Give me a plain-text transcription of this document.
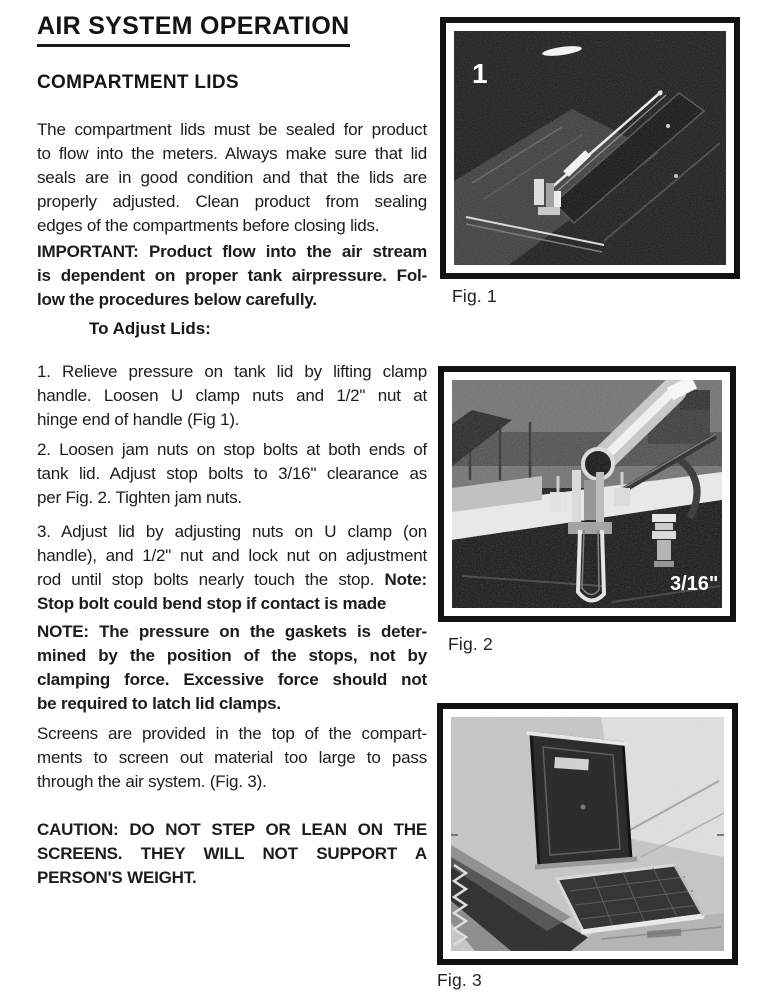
AIR SYSTEM OPERATION
COMPARTMENT LIDS
The compartment lids must be sealed for product
to flow into the meters. Always make sure that lid
seals are in good condition and that the lids are
properly adjusted. Clean product from sealing
edges of the compartments before closing lids.
IMPORTANT: Product flow into the air stream
is dependent on proper tank airpressure. Fol-
low the procedures below carefully.
To Adjust Lids:
1. Relieve pressure on tank lid by lifting clamp
handle. Loosen U clamp nuts and 1/2" nut at
hinge end of handle (Fig 1).
2. Loosen jam nuts on stop bolts at both ends of
tank lid. Adjust stop bolts to 3/16" clearance as
per Fig. 2. Tighten jam nuts.
3. Adjust lid by adjusting nuts on U clamp (on
handle), and 1/2" nut and lock nut on adjustment
rod until stop bolts nearly touch the stop. Note:
Stop bolt could bend stop if contact is made
NOTE: The pressure on the gaskets is deter-
mined by the position of the stops, not by
clamping force. Excessive force should not
be required to latch lid clamps.
Screens are provided in the top of the compart-
ments to screen out material too large to pass
through the air system. (Fig. 3).
CAUTION: DO NOT STEP OR LEAN ON THE
SCREENS. THEY WILL NOT SUPPORT A
PERSON'S WEIGHT.
1
Fig. 1
3/16"
Fig. 2
Fig. 3
